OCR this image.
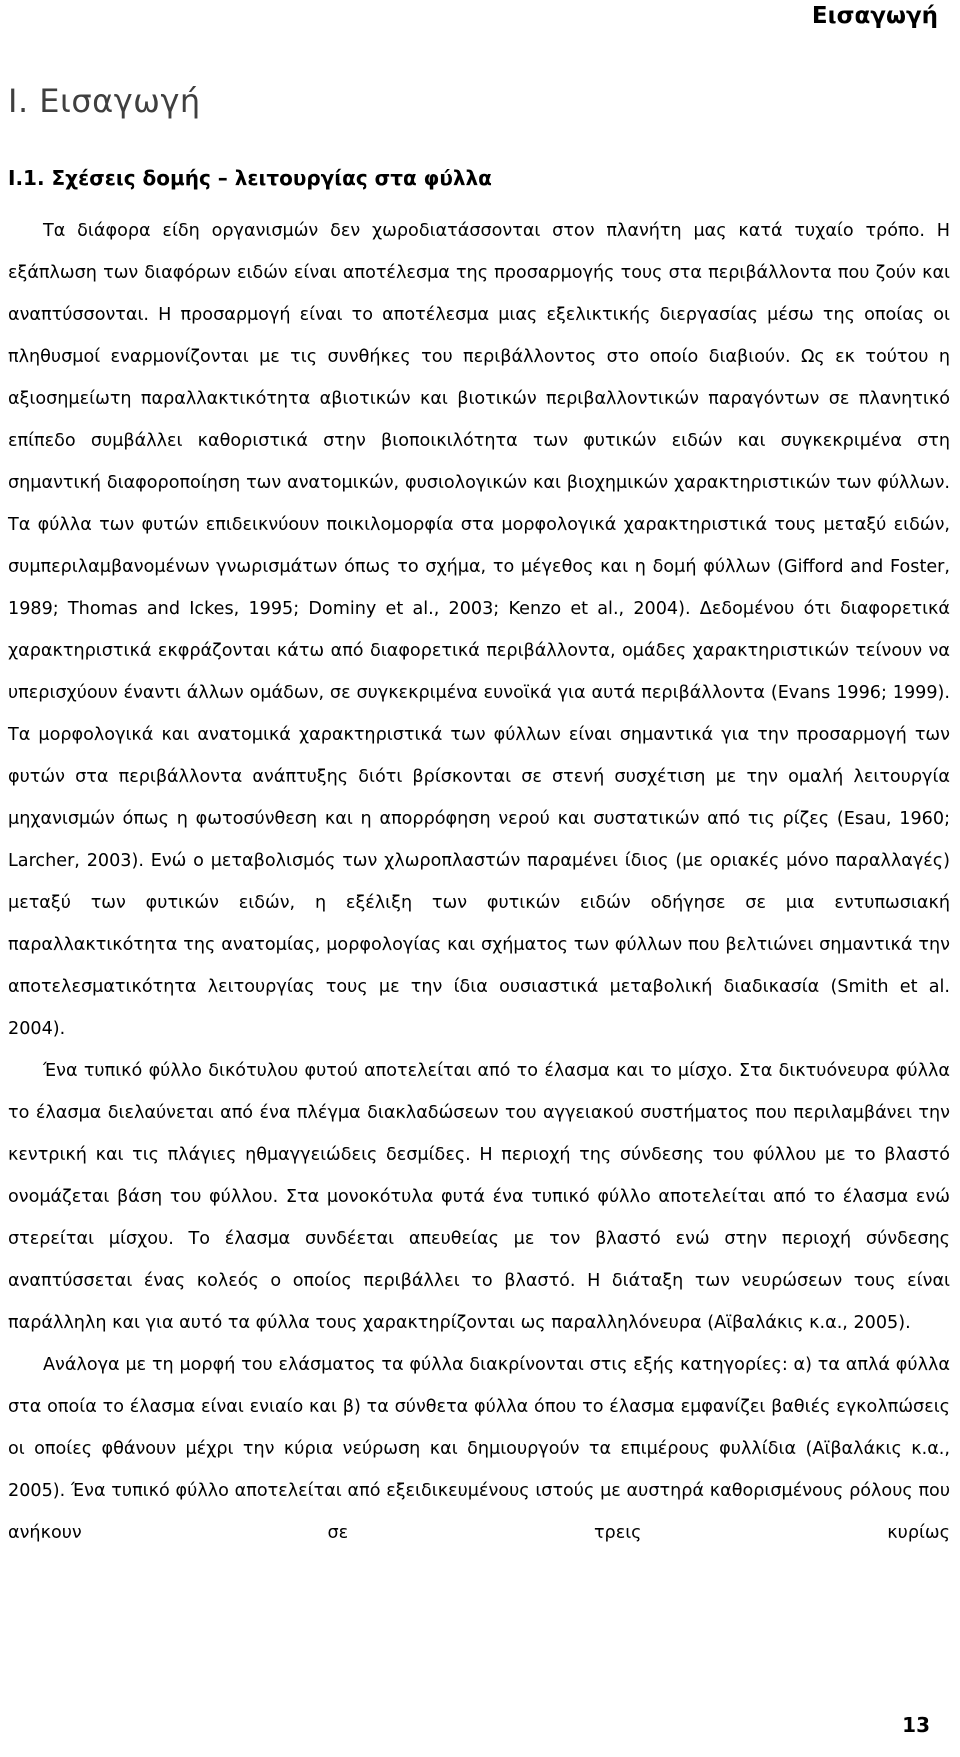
Εισαγωγή
I. Εισαγωγή
I.1. Σχέσεις δομής – λειτουργίας στα φύλλα

Τα διάφορα είδη οργανισμών δεν χωροδιατάσσονται στον πλανήτη μας κατά τυχαίο τρόπο. Η εξάπλωση των διαφόρων ειδών είναι αποτέλεσμα της προσαρμογής τους στα περιβάλλοντα που ζούν και αναπτύσσονται. Η προσαρμογή είναι το αποτέλεσμα μιας εξελικτικής διεργασίας μέσω της οποίας οι πληθυσμοί εναρμονίζονται με τις συνθήκες του περιβάλλοντος στο οποίο διαβιούν. Ως εκ τούτου η αξιοσημείωτη παραλλακτικότητα αβιοτικών και βιοτικών περιβαλλοντικών παραγόντων σε πλανητικό επίπεδο συμβάλλει καθοριστικά στην βιοποικιλότητα των φυτικών ειδών και συγκεκριμένα στη σημαντική διαφοροποίηση των ανατομικών, φυσιολογικών και βιοχημικών χαρακτηριστικών των φύλλων. Τα φύλλα των φυτών επιδεικνύουν ποικιλομορφία στα μορφολογικά χαρακτηριστικά τους μεταξύ ειδών, συμπεριλαμβανομένων γνωρισμάτων όπως το σχήμα, το μέγεθος και η δομή φύλλων (Gifford and Foster, 1989; Thomas and Ickes, 1995; Dominy et al., 2003; Kenzo et al., 2004). Δεδομένου ότι διαφορετικά χαρακτηριστικά εκφράζονται κάτω από διαφορετικά περιβάλλοντα, ομάδες χαρακτηριστικών τείνουν να υπερισχύουν έναντι άλλων ομάδων, σε συγκεκριμένα ευνοϊκά για αυτά περιβάλλοντα (Evans 1996; 1999). Τα μορφολογικά και ανατομικά χαρακτηριστικά των φύλλων είναι σημαντικά για την προσαρμογή των φυτών στα περιβάλλοντα ανάπτυξης διότι βρίσκονται σε στενή συσχέτιση με την ομαλή λειτουργία μηχανισμών όπως η φωτοσύνθεση και η απορρόφηση νερού και συστατικών από τις ρίζες (Esau, 1960; Larcher, 2003). Ενώ ο μεταβολισμός των χλωροπλαστών παραμένει ίδιος (με οριακές μόνο παραλλαγές) μεταξύ των φυτικών ειδών, η εξέλιξη των φυτικών ειδών οδήγησε σε μια εντυπωσιακή παραλλακτικότητα της ανατομίας, μορφολογίας και σχήματος των φύλλων που βελτιώνει σημαντικά την αποτελεσματικότητα λειτουργίας τους με την ίδια ουσιαστικά μεταβολική διαδικασία (Smith et al. 2004).

Ένα τυπικό φύλλο δικότυλου φυτού αποτελείται από το έλασμα και το μίσχο. Στα δικτυόνευρα φύλλα το έλασμα διελαύνεται από ένα πλέγμα διακλαδώσεων του αγγειακού συστήματος που περιλαμβάνει την κεντρική και τις πλάγιες ηθμαγγειώδεις δεσμίδες. Η περιοχή της σύνδεσης του φύλλου με το βλαστό ονομάζεται βάση του φύλλου. Στα μονοκότυλα φυτά ένα τυπικό φύλλο αποτελείται από το έλασμα ενώ στερείται μίσχου. Το έλασμα συνδέεται απευθείας με τον βλαστό ενώ στην περιοχή σύνδεσης αναπτύσσεται ένας κολεός ο οποίος περιβάλλει το βλαστό. Η διάταξη των νευρώσεων τους είναι παράλληλη και για αυτό τα φύλλα τους χαρακτηρίζονται ως παραλληλόνευρα (Αϊβαλάκις κ.α., 2005).

Ανάλογα με τη μορφή του ελάσματος τα φύλλα διακρίνονται στις εξής κατηγορίες: α) τα απλά φύλλα στα οποία το έλασμα είναι ενιαίο και β) τα σύνθετα φύλλα όπου το έλασμα εμφανίζει βαθιές εγκολπώσεις οι οποίες φθάνουν μέχρι την κύρια νεύρωση και δημιουργούν τα επιμέρους φυλλίδια (Αϊβαλάκις κ.α., 2005). Ένα τυπικό φύλλο αποτελείται από εξειδικευμένους ιστούς με αυστηρά καθορισμένους ρόλους που ανήκουν σε τρεις κυρίως

13
